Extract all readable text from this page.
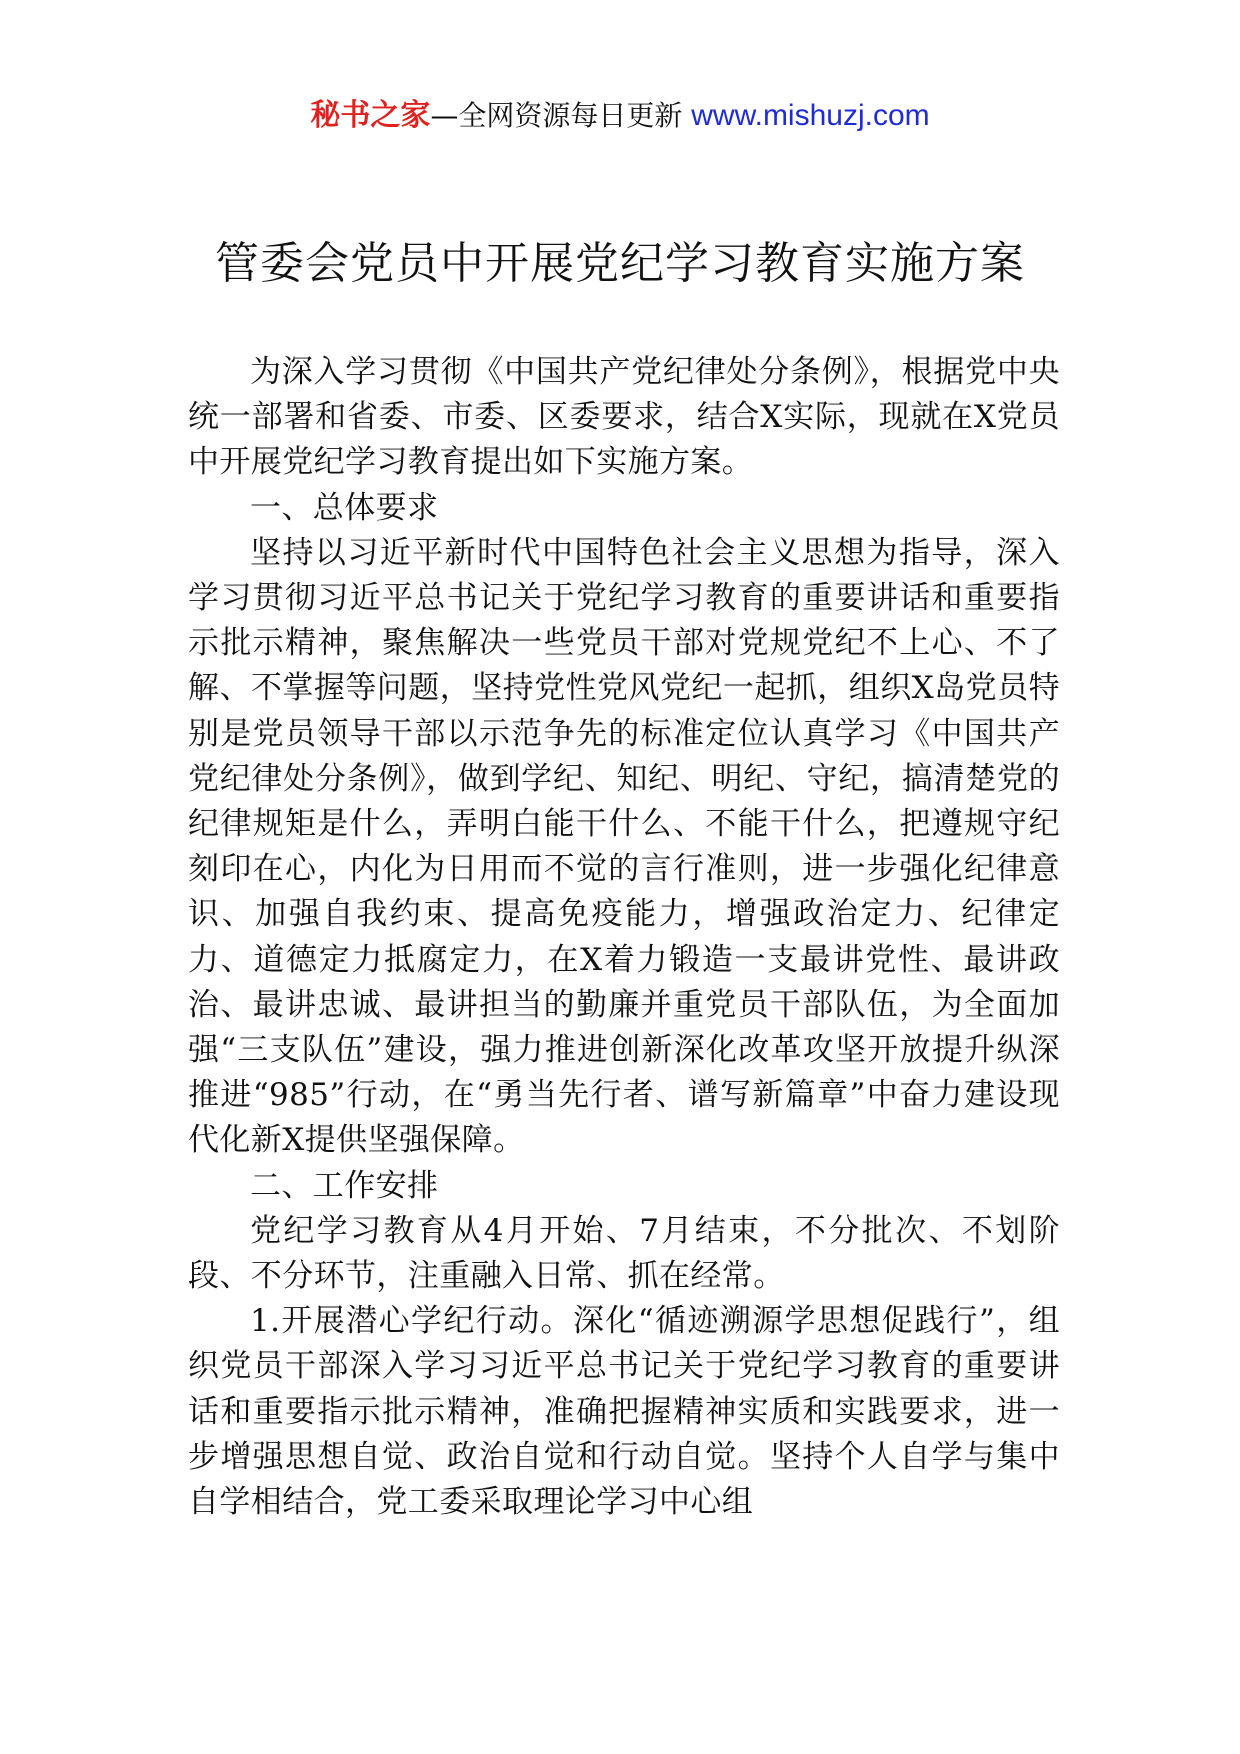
秘书之家—全网资源每日更新 www.mishuzj.com
管委会党员中开展党纪学习教育实施方案

为深入学习贯彻《中国共产党纪律处分条例》，根据党中央统一部署和省委、市委、区委要求，结合X实际，现就在X党员中开展党纪学习教育提出如下实施方案。

一、总体要求

坚持以习近平新时代中国特色社会主义思想为指导，深入学习贯彻习近平总书记关于党纪学习教育的重要讲话和重要指示批示精神，聚焦解决一些党员干部对党规党纪不上心、不了解、不掌握等问题，坚持党性党风党纪一起抓，组织X岛党员特别是党员领导干部以示范争先的标准定位认真学习《中国共产党纪律处分条例》，做到学纪、知纪、明纪、守纪，搞清楚党的纪律规矩是什么，弄明白能干什么、不能干什么，把遵规守纪刻印在心，内化为日用而不觉的言行准则，进一步强化纪律意识、加强自我约束、提高免疫能力，增强政治定力、纪律定力、道德定力抵腐定力，在X着力锻造一支最讲党性、最讲政治、最讲忠诚、最讲担当的勤廉并重党员干部队伍，为全面加强“三支队伍”建设，强力推进创新深化改革攻坚开放提升纵深推进“985”行动，在“勇当先行者、谱写新篇章”中奋力建设现代化新X提供坚强保障。

二、工作安排

党纪学习教育从4月开始、7月结束，不分批次、不划阶段、不分环节，注重融入日常、抓在经常。

1.开展潜心学纪行动。深化“循迹溯源学思想促践行”，组织党员干部深入学习习近平总书记关于党纪学习教育的重要讲话和重要指示批示精神，准确把握精神实质和实践要求，进一步增强思想自觉、政治自觉和行动自觉。坚持个人自学与集中自学相结合，党工委采取理论学习中心组
